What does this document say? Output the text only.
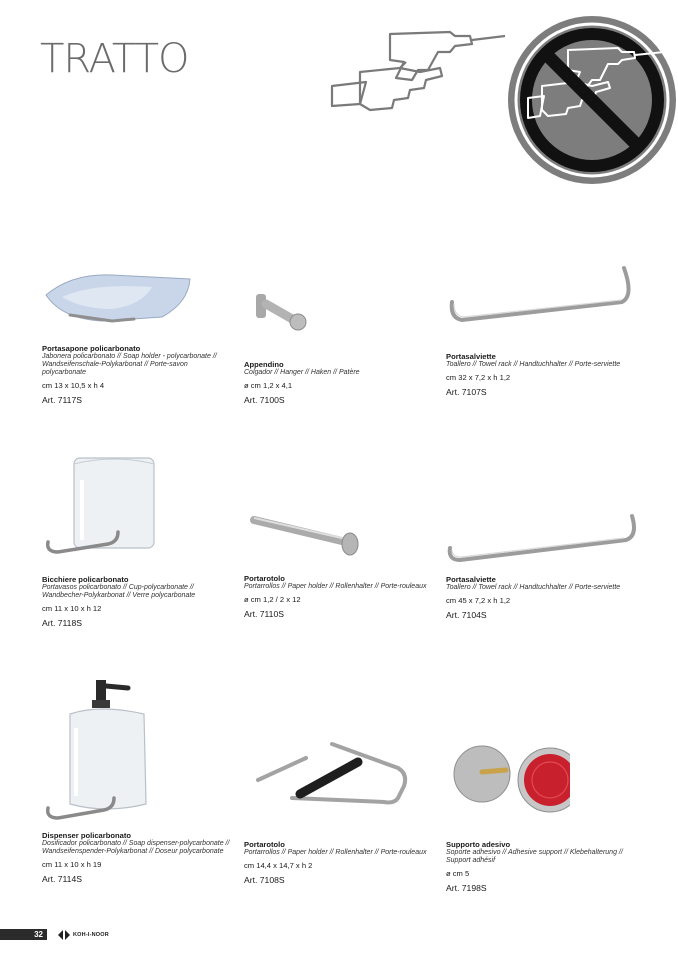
TRATTO
Portasapone policarbonato
Jabonera policarbonato // Soap holder - polycarbonate // Wandseifenschale-Polykarbonat // Porte-savon polycarbonate
cm 13 x 10,5 x h 4
Art. 7117S
Appendino
Colgador // Hanger // Haken // Patère
ø cm 1,2 x 4,1
Art. 7100S
Portasalviette
Toallero // Towel rack // Handtuchhalter // Porte-serviette
cm 32 x 7,2 x h 1,2
Art. 7107S
Bicchiere policarbonato
Portavasos policarbonato // Cup-polycarbonate // Wandbecher-Polykarbonat // Verre polycarbonate
cm 11 x 10 x h 12
Art. 7118S
Portarotolo
Portarrollos // Paper holder // Rollenhalter // Porte-rouleaux
ø cm 1,2 / 2 x 12
Art. 7110S
Portasalviette
Toallero // Towel rack // Handtuchhalter // Porte-serviette
cm 45 x 7,2 x h 1,2
Art. 7104S
Dispenser policarbonato
Dosificador policarbonato // Soap dispenser-polycarbonate // Wandseifenspender-Polykarbonat // Doseur polycarbonate
cm 11 x 10 x h 19
Art. 7114S
Portarotolo
Portarrollos // Paper holder // Rollenhalter // Porte-rouleaux
cm 14,4 x 14,7 x h 2
Art. 7108S
Supporto adesivo
Soporte adhesivo // Adhesive support // Klebehalterung // Support adhésif
ø cm 5
Art. 7198S
32	KOH-I-NOOR
